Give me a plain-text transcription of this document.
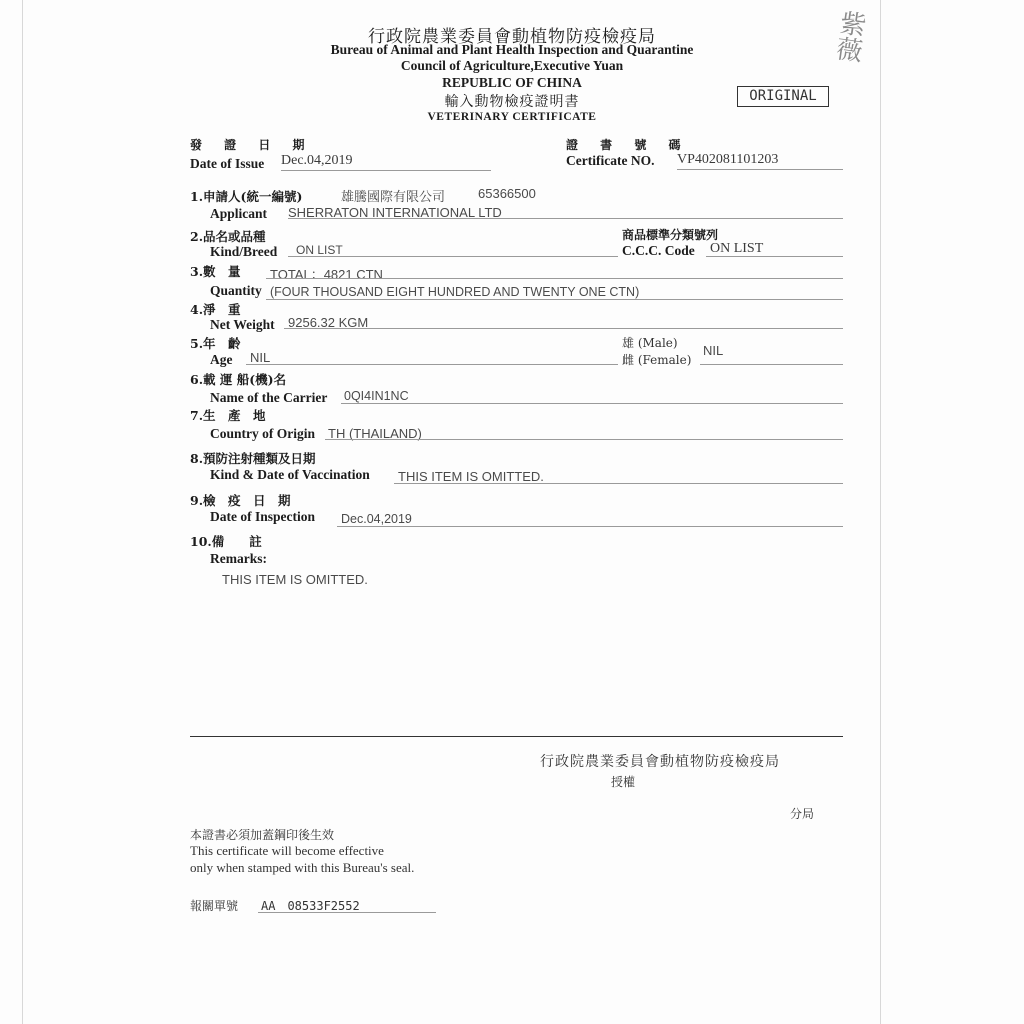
行政院農業委員會動植物防疫檢疫局
Bureau of Animal and Plant Health Inspection and Quarantine
Council of Agriculture,Executive Yuan
REPUBLIC OF CHINA
輸入動物檢疫證明書
VETERINARY CERTIFICATE
ORIGINAL
紫薇
發 證 日 期
Date of Issue Dec.04,2019
證 書 號 碼
Certificate NO. VP402081101203
1.申請人(統一編號)	雄騰國際有限公司	65366500
Applicant SHERRATON INTERNATIONAL LTD
2.品名或品種
Kind/Breed ON LIST
商品標準分類號列
C.C.C. Code ON LIST
3.數　量 TOTAL：4821 CTN
Quantity (FOUR THOUSAND EIGHT HUNDRED AND TWENTY ONE CTN)
4.淨　重
Net Weight 9256.32 KGM
5.年　齡
Age NIL
雄 (Male)
雌 (Female)
NIL
6.載 運 船(機)名
Name of the Carrier 0QI4IN1NC
7.生　產　地
Country of Origin TH (THAILAND)
8.預防注射種類及日期
Kind & Date of Vaccination THIS ITEM IS OMITTED.
9.檢　疫　日　期
Date of Inspection Dec.04,2019
10.備　　註
Remarks:
THIS ITEM IS OMITTED.
行政院農業委員會動植物防疫檢疫局
授權
分局
本證書必須加蓋鋼印後生效
This certificate will become effective
only when stamped with this Bureau's seal.
報關單號 AA　08533F2552
